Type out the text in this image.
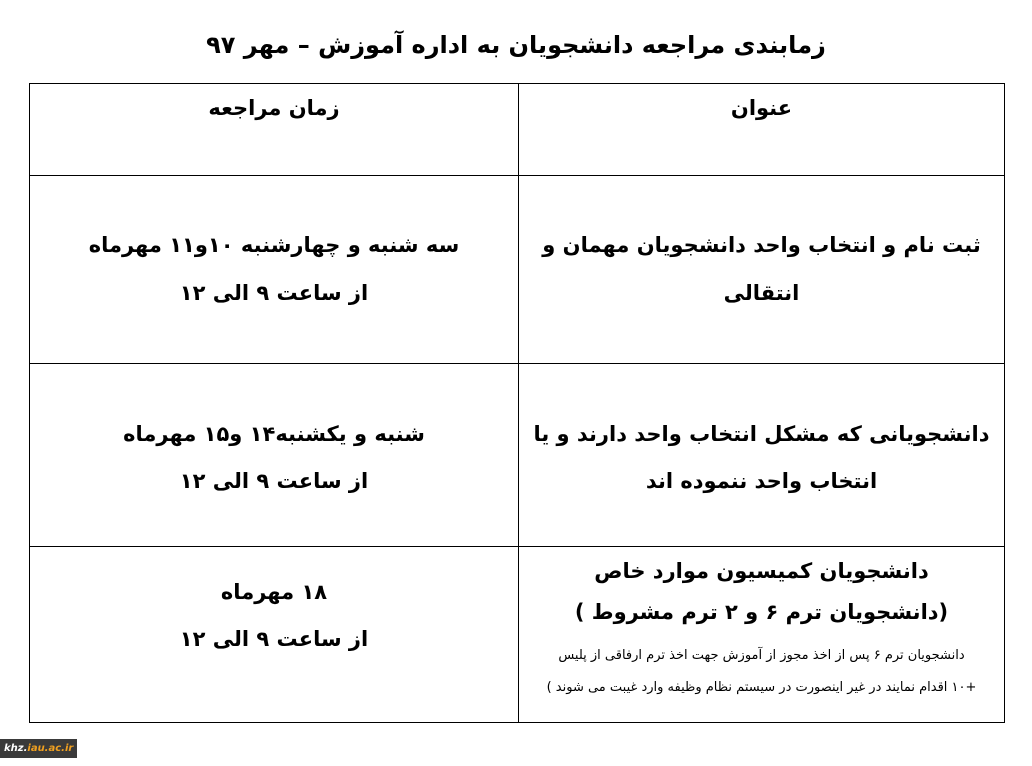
زمابندی مراجعه دانشجویان به اداره آموزش – مهر ۹۷
عنوان
زمان مراجعه
ثبت نام و انتخاب واحد دانشجویان مهمان و انتقالی
سه شنبه و چهارشنبه ۱۰و۱۱ مهرماه
از ساعت ۹ الی ۱۲
دانشجویانی که مشکل انتخاب واحد دارند و یا
انتخاب واحد ننموده اند
شنبه و یکشنبه۱۴ و۱۵ مهرماه
از ساعت ۹ الی ۱۲
دانشجویان کمیسیون موارد خاص
(دانشجویان ترم ۶ و ۲ ترم مشروط )
دانشجویان ترم ۶ پس از اخذ مجوز از آموزش جهت اخذ ترم ارفاقی از پلیس
+۱۰ اقدام نمایند در غیر اینصورت در سیستم نظام وظیفه وارد غیبت می شوند )
۱۸ مهرماه
از ساعت ۹ الی ۱۲
khz.iau.ac.ir
